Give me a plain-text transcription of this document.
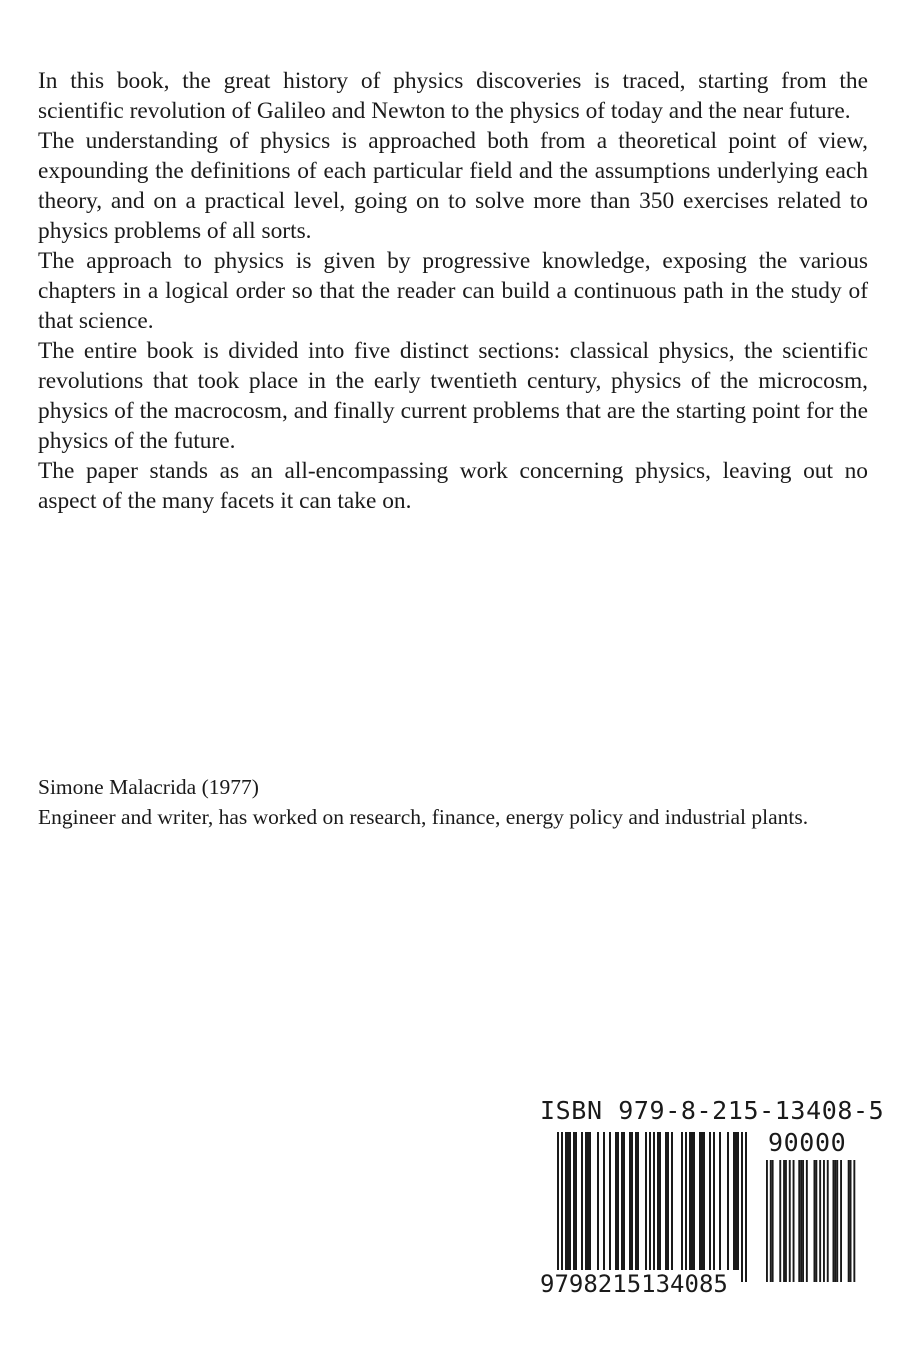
In this book, the great history of physics discoveries is traced, starting from the scientific revolution of Galileo and Newton to the physics of today and the near future.

The understanding of physics is approached both from a theoretical point of view, expounding the definitions of each particular field and the assumptions underlying each theory, and on a practical level, going on to solve more than 350 exercises related to physics problems of all sorts.

The approach to physics is given by progressive knowledge, exposing the various chapters in a logical order so that the reader can build a continuous path in the study of that science.

The entire book is divided into five distinct sections: classical physics, the scientific revolutions that took place in the early twentieth century, physics of the microcosm, physics of the macrocosm, and finally current problems that are the starting point for the physics of the future.

The paper stands as an all-encompassing work concerning physics, leaving out no aspect of the many facets it can take on.

Simone Malacrida (1977)
Engineer and writer, has worked on research, finance, energy policy and industrial plants.
ISBN 979-8-215-13408-5
90000
9798215134085
